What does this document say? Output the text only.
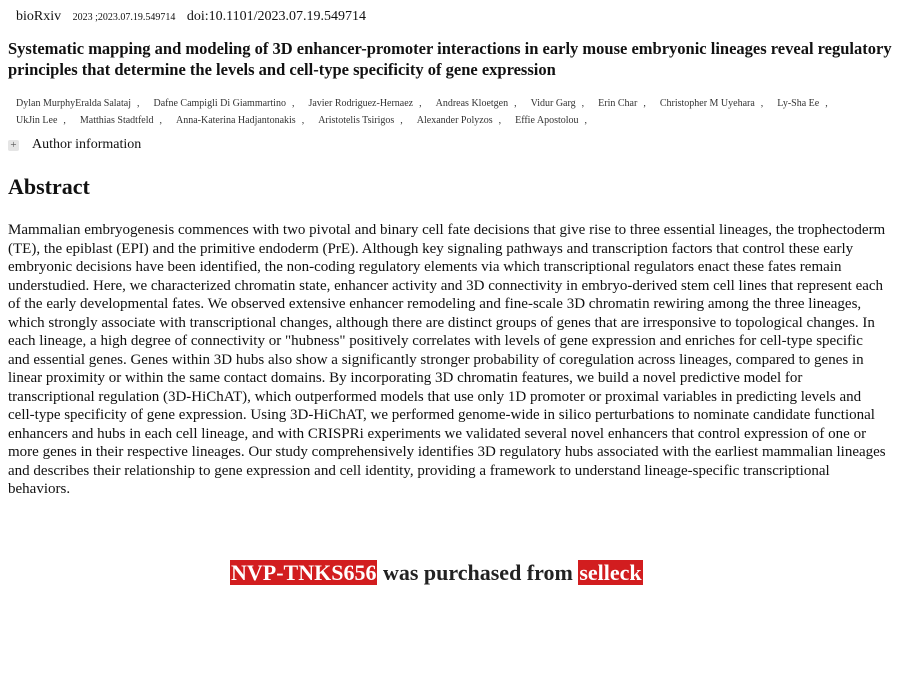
bioRxiv 2023 ;2023.07.19.549714 doi:10.1101/2023.07.19.549714
Systematic mapping and modeling of 3D enhancer-promoter interactions in early mouse embryonic lineages reveal regulatory principles that determine the levels and cell-type specificity of gene expression
Dylan MurphyEralda Salataj , Dafne Campigli Di Giammartino , Javier Rodriguez-Hernaez , Andreas Kloetgen , Vidur Garg , Erin Char , Christopher M Uyehara , Ly-Sha Ee ,
UkJin Lee , Matthias Stadtfeld , Anna-Katerina Hadjantonakis , Aristotelis Tsirigos , Alexander Polyzos , Effie Apostolou ,
+ Author information
Abstract

Mammalian embryogenesis commences with two pivotal and binary cell fate decisions that give rise to three essential lineages, the trophectoderm (TE), the epiblast (EPI) and the primitive endoderm (PrE). Although key signaling pathways and transcription factors that control these early embryonic decisions have been identified, the non-coding regulatory elements via which transcriptional regulators enact these fates remain understudied. Here, we characterized chromatin state, enhancer activity and 3D connectivity in embryo-derived stem cell lines that represent each of the early developmental fates. We observed extensive enhancer remodeling and fine-scale 3D chromatin rewiring among the three lineages, which strongly associate with transcriptional changes, although there are distinct groups of genes that are irresponsive to topological changes. In each lineage, a high degree of connectivity or "hubness" positively correlates with levels of gene expression and enriches for cell-type specific and essential genes. Genes within 3D hubs also show a significantly stronger probability of coregulation across lineages, compared to genes in linear proximity or within the same contact domains. By incorporating 3D chromatin features, we build a novel predictive model for transcriptional regulation (3D-HiChAT), which outperformed models that use only 1D promoter or proximal variables in predicting levels and cell-type specificity of gene expression. Using 3D-HiChAT, we performed genome-wide in silico perturbations to nominate candidate functional enhancers and hubs in each cell lineage, and with CRISPRi experiments we validated several novel enhancers that control expression of one or more genes in their respective lineages. Our study comprehensively identifies 3D regulatory hubs associated with the earliest mammalian lineages and describes their relationship to gene expression and cell identity, providing a framework to understand lineage-specific transcriptional behaviors.

NVP-TNKS656 was purchased from selleck
